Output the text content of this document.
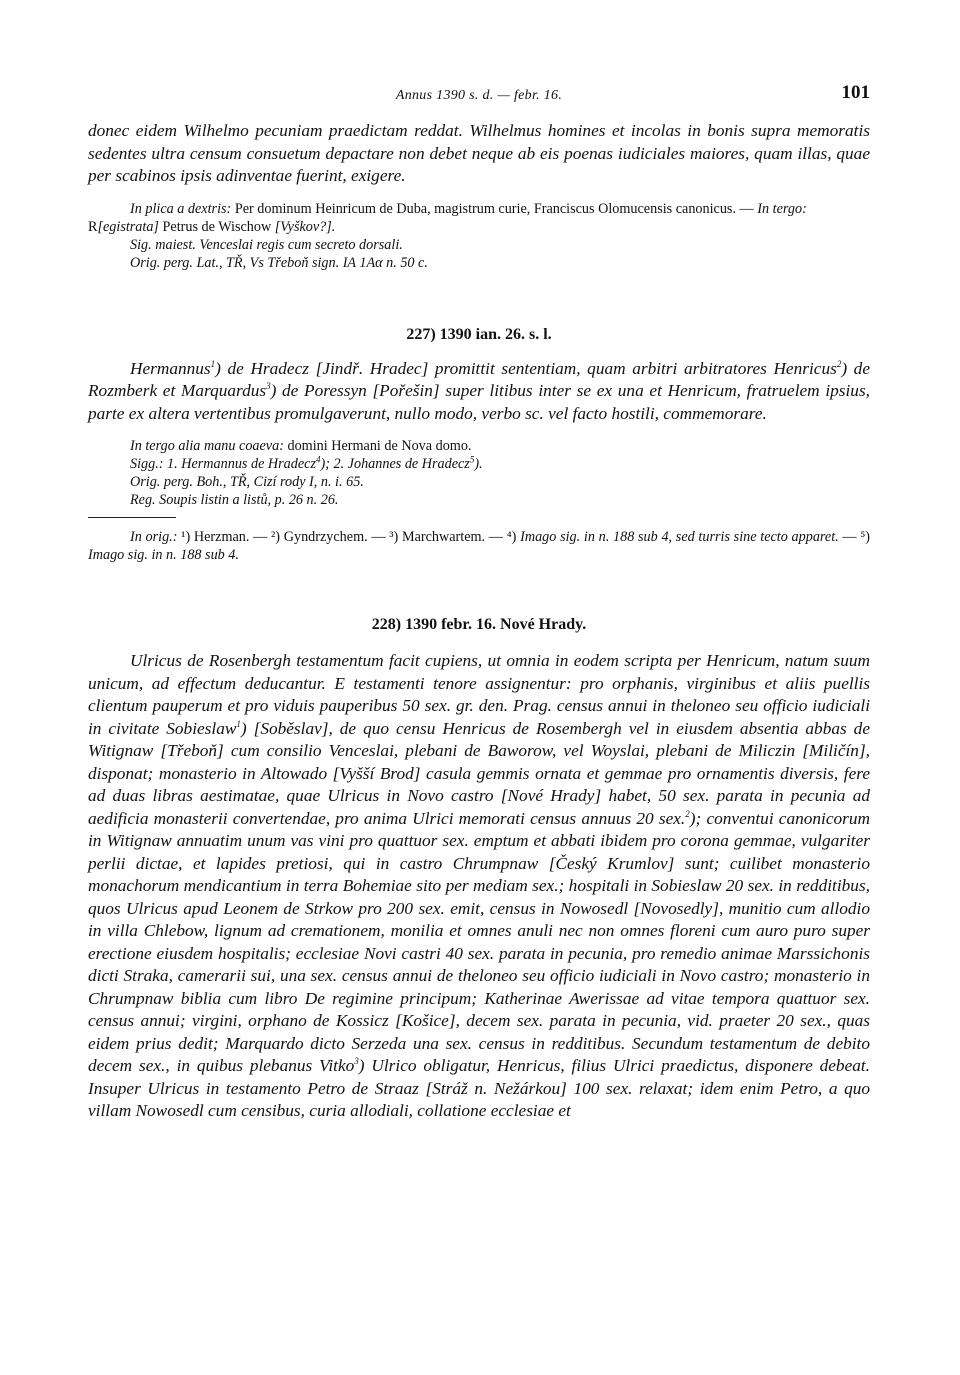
Annus 1390 s. d. — febr. 16.	101

donec eidem Wilhelmo pecuniam praedictam reddat. Wilhelmus homines et incolas in bonis supra memoratis sedentes ultra censum consuetum depactare non debet neque ab eis poenas iudiciales maiores, quam illas, quae per scabinos ipsis adinventae fuerint, exigere.

In plica a dextris: Per dominum Heinricum de Duba, magistrum curie, Franciscus Olomucensis canonicus. — In tergo: R[egistrata] Petrus de Wischow [Vyškov?].

Sig. maiest. Venceslai regis cum secreto dorsali.

Orig. perg. Lat., TŘ, Vs Třeboň sign. IA 1Aα n. 50 c.

227) 1390 ian. 26. s. l.

Hermannus$^1$) de Hradecz [Jindř. Hradec] promittit sententiam, quam arbitri arbitratores Henricus$^2$) de Rozmberk et Marquardus$^3$) de Poressyn [Pořešin] super litibus inter se ex una et Henricum, fratruelem ipsius, parte ex altera vertentibus promulgaverunt, nullo modo, verbo sc. vel facto hostili, commemorare.

In tergo alia manu coaeva: domini Hermani de Nova domo.

Sigg.: 1. Hermannus de Hradecz$^4$); 2. Johannes de Hradecz$^5$).

Orig. perg. Boh., TŘ, Cizí rody I, n. i. 65.

Reg. Soupis listin a listů, p. 26 n. 26.

In orig.: ¹) Herzman. — ²) Gyndrzychem. — ³) Marchwartem. — ⁴) Imago sig. in n. 188 sub 4, sed turris sine tecto apparet. — ⁵) Imago sig. in n. 188 sub 4.

228) 1390 febr. 16. Nové Hrady.

Ulricus de Rosenbergh testamentum facit cupiens, ut omnia in eodem scripta per Henricum, natum suum unicum, ad effectum deducantur. E testamenti tenore assignentur: pro orphanis, virginibus et aliis puellis clientum pauperum et pro viduis pauperibus 50 sex. gr. den. Prag. census annui in theloneo seu officio iudiciali in civitate Sobieslaw$^1$) [Soběslav], de quo censu Henricus de Rosembergh vel in eiusdem absentia abbas de Witignaw [Třeboň] cum consilio Venceslai, plebani de Baworow, vel Woyslai, plebani de Miliczin [Miličín], disponat; monasterio in Altowado [Vyšší Brod] casula gemmis ornata et gemmae pro ornamentis diversis, fere ad duas libras aestimatae, quae Ulricus in Novo castro [Nové Hrady] habet, 50 sex. parata in pecunia ad aedificia monasterii convertendae, pro anima Ulrici memorati census annuus 20 sex.$^2$); conventui canonicorum in Witignaw annuatim unum vas vini pro quattuor sex. emptum et abbati ibidem pro corona gemmae, vulgariter perlii dictae, et lapides pretiosi, qui in castro Chrumpnaw [Český Krumlov] sunt; cuilibet monasterio monachorum mendicantium in terra Bohemiae sito per mediam sex.; hospitali in Sobieslaw 20 sex. in redditibus, quos Ulricus apud Leonem de Strkow pro 200 sex. emit, census in Nowosedl [Novosedly], munitio cum allodio in villa Chlebow, lignum ad cremationem, monilia et omnes anuli nec non omnes floreni cum auro puro super erectione eiusdem hospitalis; ecclesiae Novi castri 40 sex. parata in pecunia, pro remedio animae Marssichonis dicti Straka, camerarii sui, una sex. census annui de theloneo seu officio iudiciali in Novo castro; monasterio in Chrumpnaw biblia cum libro De regimine principum; Katherinae Awerissae ad vitae tempora quattuor sex. census annui; virgini, orphano de Kossicz [Košice], decem sex. parata in pecunia, vid. praeter 20 sex., quas eidem prius dedit; Marquardo dicto Serzeda una sex. census in redditibus. Secundum testamentum de debito decem sex., in quibus plebanus Vitko$^3$) Ulrico obligatur, Henricus, filius Ulrici praedictus, disponere debeat. Insuper Ulricus in testamento Petro de Straaz [Stráž n. Nežárkou] 100 sex. relaxat; idem enim Petro, a quo villam Nowosedl cum censibus, curia allodiali, collatione ecclesiae et
